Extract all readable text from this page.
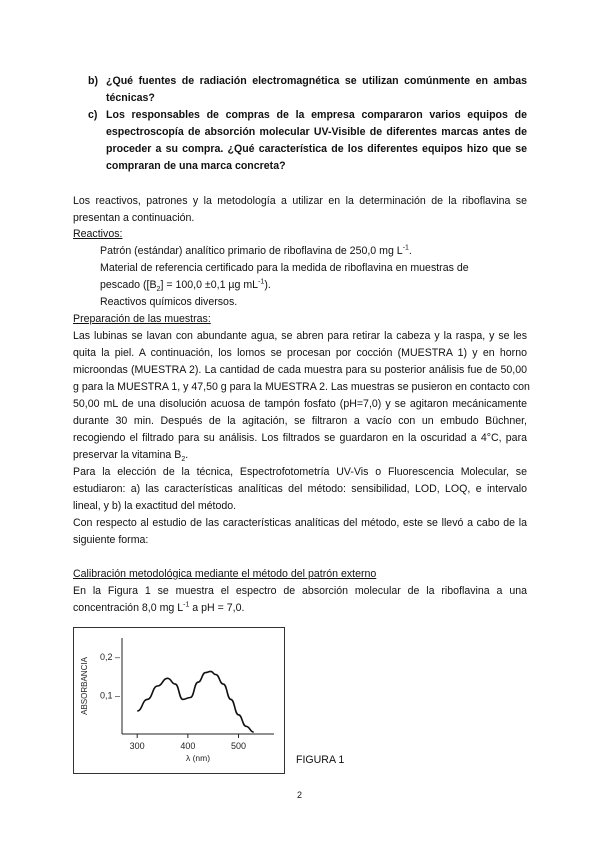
b) ¿Qué fuentes de radiación electromagnética se utilizan comúnmente en ambas
técnicas?
c) Los responsables de compras de la empresa compararon varios equipos de
espectroscopía de absorción molecular UV-Visible de diferentes marcas antes de
proceder a su compra. ¿Qué característica de los diferentes equipos hizo que se
compraran de una marca concreta?
Los reactivos, patrones y la metodología a utilizar en la determinación de la riboflavina se
presentan a continuación.
Reactivos:
Patrón (estándar) analítico primario de riboflavina de 250,0 mg $L^{-1}$.
Material de referencia certificado para la medida de riboflavina en muestras de
pescado ($[B_2] = 100,0 \pm 0,1$ µg $mL^{-1}$).
Reactivos químicos diversos.
Preparación de las muestras:
Las lubinas se lavan con abundante agua, se abren para retirar la cabeza y la raspa, y se les
quita la piel. A continuación, los lomos se procesan por cocción (MUESTRA 1) y en horno
microondas (MUESTRA 2). La cantidad de cada muestra para su posterior análisis fue de 50,00
g para la MUESTRA 1, y 47,50 g para la MUESTRA 2. Las muestras se pusieron en contacto con
50,00 mL de una disolución acuosa de tampón fosfato (pH=7,0) y se agitaron mecánicamente
durante 30 min. Después de la agitación, se filtraron a vacío con un embudo Büchner,
recogiendo el filtrado para su análisis. Los filtrados se guardaron en la oscuridad a 4°C, para
preservar la vitamina $B_2$.
Para la elección de la técnica, Espectrofotometría UV-Vis o Fluorescencia Molecular, se
estudiaron: a) las características analíticas del método: sensibilidad, LOD, LOQ, e intervalo
lineal, y b) la exactitud del método.
Con respecto al estudio de las características analíticas del método, este se llevó a cabo de la
siguiente forma:
Calibración metodológica mediante el método del patrón externo
En la Figura 1 se muestra el espectro de absorción molecular de la riboflavina a una
concentración 8,0 mg $L^{-1}$ a pH = 7,0.
300	400	500
0,1 –
0,2 –
λ (nm)
ABSORBANCIA
FIGURA 1
2
